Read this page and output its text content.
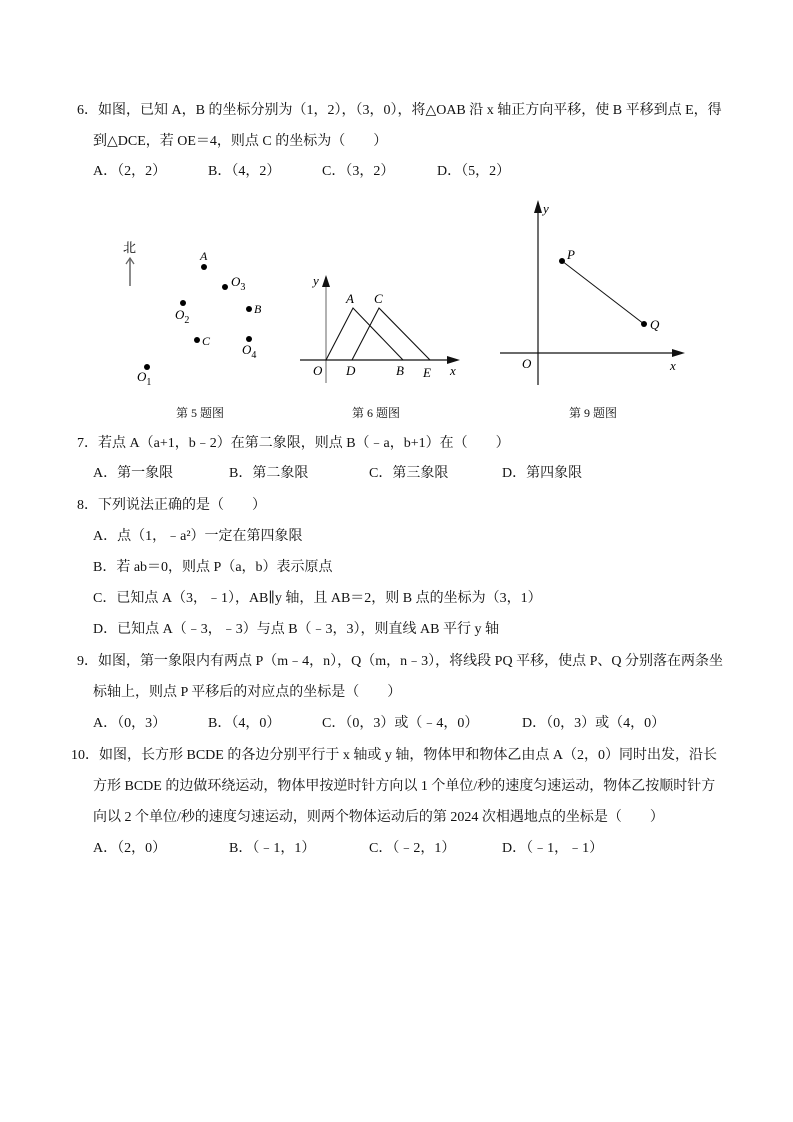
6．如图，已知 A，B 的坐标分别为（1，2），（3，0），将△OAB 沿 x 轴正方向平移，使 B 平移到点 E，得
到△DCE，若 OE＝4，则点 C 的坐标为（　　）
A．（2，2）	B．（4，2）	C．（3，2）	D．（5，2）
北
A
$O_3$
$O_2$
B
C
$O_4$
$O_1$
第 5 题图
y
A C
O D	B E x
第 6 题图
y
P
Q
O	x
第 9 题图
7．若点 A（a+1，b﹣2）在第二象限，则点 B（﹣a，b+1）在（　　）
A．第一象限	B．第二象限	C．第三象限	D．第四象限
8．下列说法正确的是（　　）
A．点（1，﹣a²）一定在第四象限
B．若 ab＝0，则点 P（a，b）表示原点
C．已知点 A（3，﹣1），AB∥y 轴，且 AB＝2，则 B 点的坐标为（3，1）
D．已知点 A（﹣3，﹣3）与点 B（﹣3，3），则直线 AB 平行 y 轴
9．如图，第一象限内有两点 P（m﹣4，n），Q（m，n﹣3），将线段 PQ 平移，使点 P、Q 分别落在两条坐
标轴上，则点 P 平移后的对应点的坐标是（　　）
A．（0，3）	B．（4，0）	C．（0，3）或（﹣4，0）	D．（0，3）或（4，0）
10．如图，长方形 BCDE 的各边分别平行于 x 轴或 y 轴，物体甲和物体乙由点 A（2，0）同时出发，沿长
方形 BCDE 的边做环绕运动，物体甲按逆时针方向以 1 个单位/秒的速度匀速运动，物体乙按顺时针方
向以 2 个单位/秒的速度匀速运动，则两个物体运动后的第 2024 次相遇地点的坐标是（　　）
A．（2，0）	B．（﹣1，1）	C．（﹣2，1）	D．（﹣1，﹣1）
